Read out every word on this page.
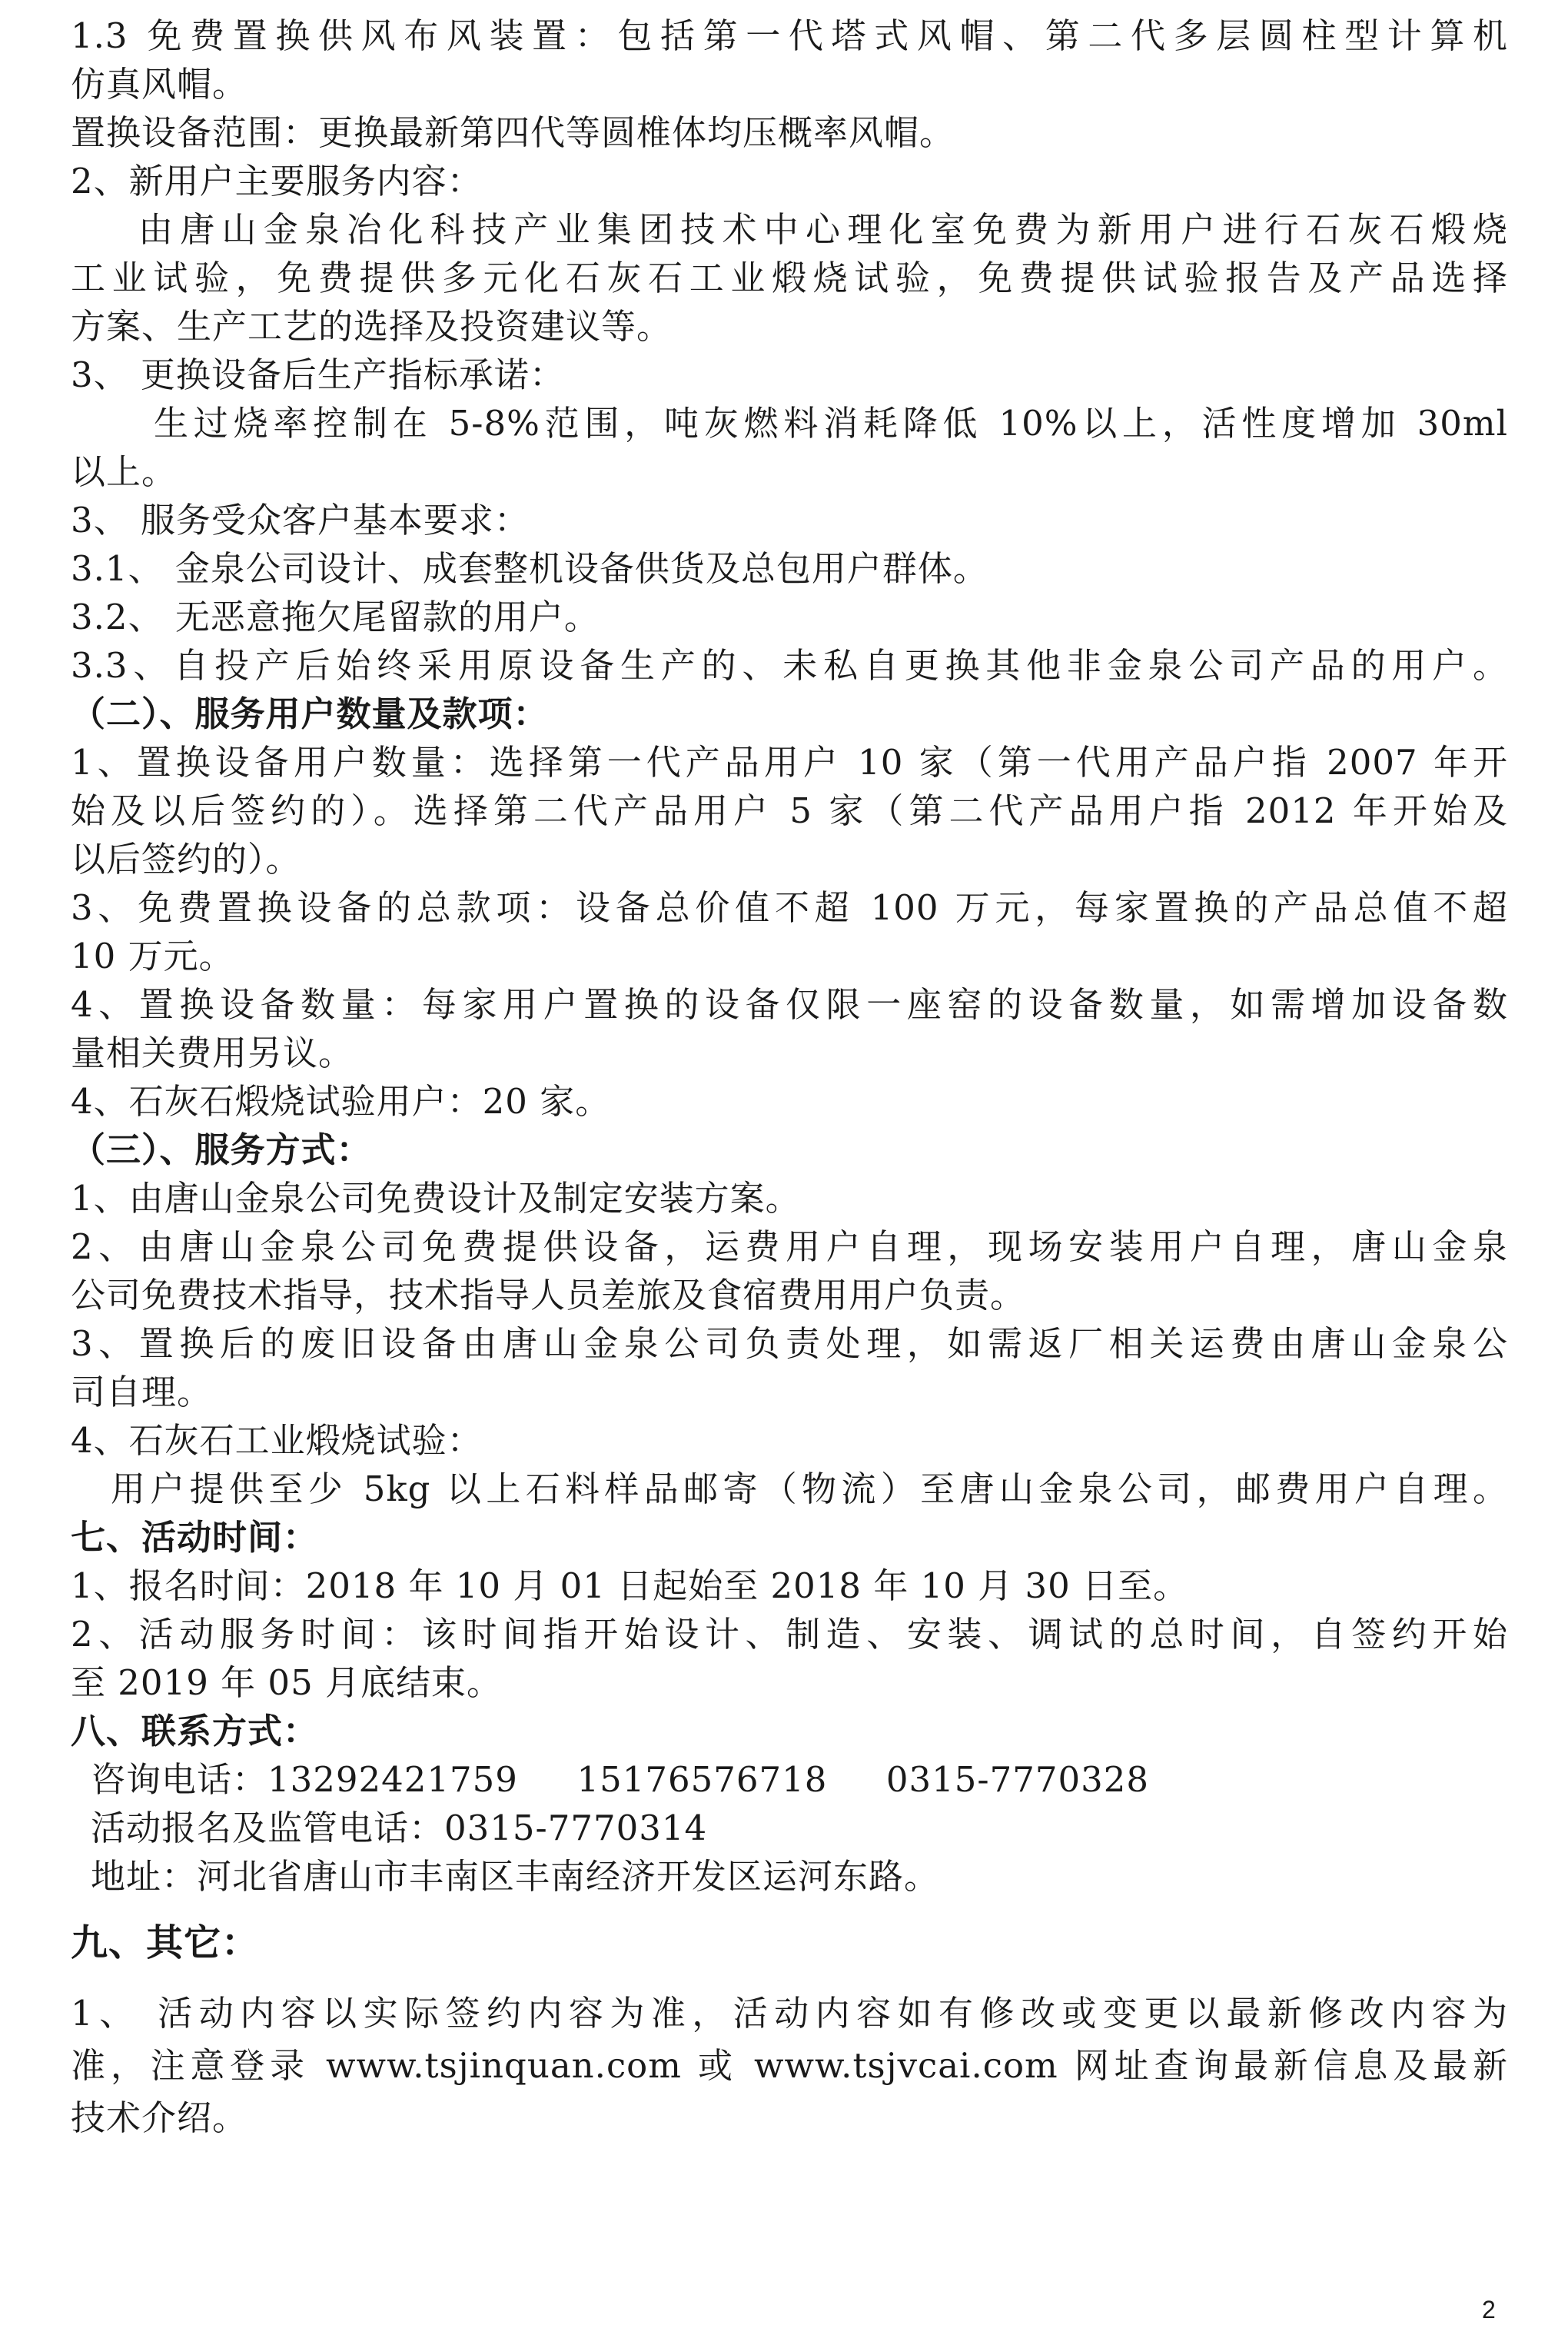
1.3 免费置换供风布风装置：包括第一代塔式风帽、第二代多层圆柱型计算机
仿真风帽。
置换设备范围：更换最新第四代等圆椎体均压概率风帽。
2、新用户主要服务内容：
由唐山金泉冶化科技产业集团技术中心理化室免费为新用户进行石灰石煅烧
工业试验，免费提供多元化石灰石工业煅烧试验，免费提供试验报告及产品选择
方案、生产工艺的选择及投资建议等。
3、 更换设备后生产指标承诺：
生过烧率控制在 5-8%范围，吨灰燃料消耗降低 10%以上，活性度增加 30ml
以上。
3、 服务受众客户基本要求：
3.1、 金泉公司设计、成套整机设备供货及总包用户群体。
3.2、 无恶意拖欠尾留款的用户。
3.3、自投产后始终采用原设备生产的、未私自更换其他非金泉公司产品的用户。
（二）、服务用户数量及款项：
1、置换设备用户数量：选择第一代产品用户 10 家（第一代用产品户指 2007 年开
始及以后签约的）。选择第二代产品用户 5 家（第二代产品用户指 2012 年开始及
以后签约的）。
3、免费置换设备的总款项：设备总价值不超 100 万元，每家置换的产品总值不超
10 万元。
4、置换设备数量：每家用户置换的设备仅限一座窑的设备数量，如需增加设备数
量相关费用另议。
4、石灰石煅烧试验用户：20 家。
（三）、服务方式：
1、由唐山金泉公司免费设计及制定安装方案。
2、由唐山金泉公司免费提供设备，运费用户自理，现场安装用户自理，唐山金泉
公司免费技术指导，技术指导人员差旅及食宿费用用户负责。
3、置换后的废旧设备由唐山金泉公司负责处理，如需返厂相关运费由唐山金泉公
司自理。
4、石灰石工业煅烧试验：
用户提供至少 5kg 以上石料样品邮寄（物流）至唐山金泉公司，邮费用户自理。
七、活动时间：
1、报名时间：2018 年 10 月 01 日起始至 2018 年 10 月 30 日至。
2、活动服务时间：该时间指开始设计、制造、安装、调试的总时间，自签约开始
至 2019 年 05 月底结束。
八、联系方式：
咨询电话：13292421759     15176576718     0315-7770328
活动报名及监管电话：0315-7770314
地址：河北省唐山市丰南区丰南经济开发区运河东路。
九、其它：
1、 活动内容以实际签约内容为准，活动内容如有修改或变更以最新修改内容为
准，注意登录 www.tsjinquan.com 或 www.tsjvcai.com 网址查询最新信息及最新
技术介绍。
2
